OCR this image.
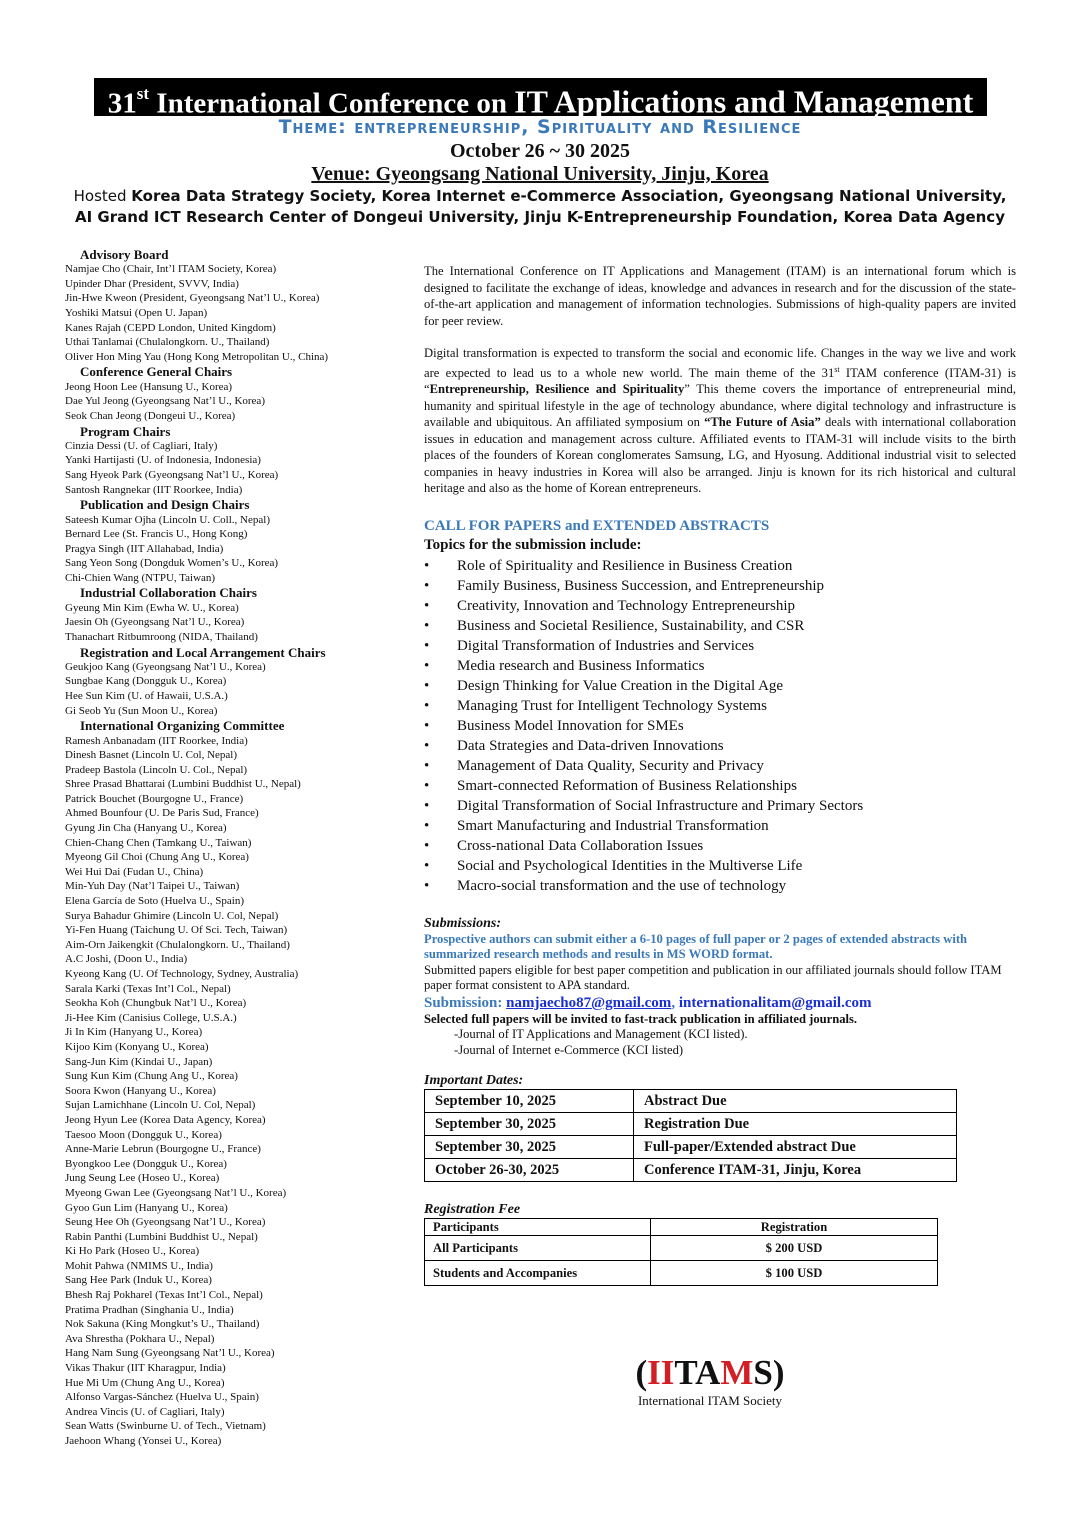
31st International Conference on IT Applications and Management
Theme: entrepreneurship, Spirituality and Resilience
October 26 ~ 30 2025
Venue: Gyeongsang National University, Jinju, Korea
Hosted Korea Data Strategy Society, Korea Internet e-Commerce Association, Gyeongsang National University,
AI Grand ICT Research Center of Dongeui University, Jinju K-Entrepreneurship Foundation, Korea Data Agency
Advisory Board
Namjae Cho (Chair, Int’l ITAM Society, Korea)
Upinder Dhar (President, SVVV, India)
Jin-Hwe Kweon (President, Gyeongsang Nat’l U., Korea)
Yoshiki Matsui (Open U. Japan)
Kanes Rajah (CEPD London, United Kingdom)
Uthai Tanlamai (Chulalongkorn. U., Thailand)
Oliver Hon Ming Yau (Hong Kong Metropolitan U., China)
Conference General Chairs
Jeong Hoon Lee (Hansung U., Korea)
Dae Yul Jeong (Gyeongsang Nat’l U., Korea)
Seok Chan Jeong (Dongeui U., Korea)
Program Chairs
Cinzia Dessi (U. of Cagliari, Italy)
Yanki Hartijasti (U. of Indonesia, Indonesia)
Sang Hyeok Park (Gyeongsang Nat’l U., Korea)
Santosh Rangnekar (IIT Roorkee, India)
Publication and Design Chairs
Sateesh Kumar Ojha (Lincoln U. Coll., Nepal)
Bernard Lee (St. Francis U., Hong Kong)
Pragya Singh (IIT Allahabad, India)
Sang Yeon Song (Dongduk Women’s U., Korea)
Chi-Chien Wang (NTPU, Taiwan)
Industrial Collaboration Chairs
Gyeung Min Kim (Ewha W. U., Korea)
Jaesin Oh (Gyeongsang Nat’l U., Korea)
Thanachart Ritbumroong (NIDA, Thailand)
Registration and Local Arrangement Chairs
Geukjoo Kang (Gyeongsang Nat’l U., Korea)
Sungbae Kang (Dongguk U., Korea)
Hee Sun Kim (U. of Hawaii, U.S.A.)
Gi Seob Yu (Sun Moon U., Korea)
International Organizing Committee
Ramesh Anbanadam (IIT Roorkee, India)
Dinesh Basnet (Lincoln U. Col, Nepal)
Pradeep Bastola (Lincoln U. Col., Nepal)
Shree Prasad Bhattarai (Lumbini Buddhist U., Nepal)
Patrick Bouchet (Bourgogne U., France)
Ahmed Bounfour (U. De Paris Sud, France)
Gyung Jin Cha (Hanyang U., Korea)
Chien-Chang Chen (Tamkang U., Taiwan)
Myeong Gil Choi (Chung Ang U., Korea)
Wei Hui Dai (Fudan U., China)
Min-Yuh Day (Nat’l Taipei U., Taiwan)
Elena García de Soto (Huelva U., Spain)
Surya Bahadur Ghimire (Lincoln U. Col, Nepal)
Yi-Fen Huang (Taichung U. Of Sci. Tech, Taiwan)
Aim-Orn Jaikengkit (Chulalongkorn. U., Thailand)
A.C Joshi, (Doon U., India)
Kyeong Kang (U. Of Technology, Sydney, Australia)
Sarala Karki (Texas Int’l Col., Nepal)
Seokha Koh (Chungbuk Nat’l U., Korea)
Ji-Hee Kim (Canisius College, U.S.A.)
Ji In Kim (Hanyang U., Korea)
Kijoo Kim (Konyang U., Korea)
Sang-Jun Kim (Kindai U., Japan)
Sung Kun Kim (Chung Ang U., Korea)
Soora Kwon (Hanyang U., Korea)
Sujan Lamichhane (Lincoln U. Col, Nepal)
Jeong Hyun Lee (Korea Data Agency, Korea)
Taesoo Moon (Dongguk U., Korea)
Anne-Marie Lebrun (Bourgogne U., France)
Byongkoo Lee (Dongguk U., Korea)
Jung Seung Lee (Hoseo U., Korea)
Myeong Gwan Lee (Gyeongsang Nat’l U., Korea)
Gyoo Gun Lim (Hanyang U., Korea)
Seung Hee Oh (Gyeongsang Nat’l U., Korea)
Rabin Panthi (Lumbini Buddhist U., Nepal)
Ki Ho Park (Hoseo U., Korea)
Mohit Pahwa (NMIMS U., India)
Sang Hee Park (Induk U., Korea)
Bhesh Raj Pokharel (Texas Int’l Col., Nepal)
Pratima Pradhan (Singhania U., India)
Nok Sakuna (King Mongkut’s U., Thailand)
Ava Shrestha (Pokhara U., Nepal)
Hang Nam Sung (Gyeongsang Nat’l U., Korea)
Vikas Thakur (IIT Kharagpur, India)
Hue Mi Um (Chung Ang U., Korea)
Alfonso Vargas-Sánchez (Huelva U., Spain)
Andrea Vincis (U. of Cagliari, Italy)
Sean Watts (Swinburne U. of Tech., Vietnam)
Jaehoon Whang (Yonsei U., Korea)

The International Conference on IT Applications and Management (ITAM) is an international forum which is designed to facilitate the exchange of ideas, knowledge and advances in research and for the discussion of the state-of-the-art application and management of information technologies. Submissions of high-quality papers are invited for peer review.

Digital transformation is expected to transform the social and economic life. Changes in the way we live and work are expected to lead us to a whole new world. The main theme of the 31st ITAM conference (ITAM-31) is “Entrepreneurship, Resilience and Spirituality” This theme covers the importance of entrepreneurial mind, humanity and spiritual lifestyle in the age of technology abundance, where digital technology and infrastructure is available and ubiquitous. An affiliated symposium on “The Future of Asia” deals with international collaboration issues in education and management across culture. Affiliated events to ITAM-31 will include visits to the birth places of the founders of Korean conglomerates Samsung, LG, and Hyosung. Additional industrial visit to selected companies in heavy industries in Korea will also be arranged. Jinju is known for its rich historical and cultural heritage and also as the home of Korean entrepreneurs.

CALL FOR PAPERS and EXTENDED ABSTRACTS
Topics for the submission include:
• Role of Spirituality and Resilience in Business Creation
• Family Business, Business Succession, and Entrepreneurship
• Creativity, Innovation and Technology Entrepreneurship
• Business and Societal Resilience, Sustainability, and CSR
• Digital Transformation of Industries and Services
• Media research and Business Informatics
• Design Thinking for Value Creation in the Digital Age
• Managing Trust for Intelligent Technology Systems
• Business Model Innovation for SMEs
• Data Strategies and Data-driven Innovations
• Management of Data Quality, Security and Privacy
• Smart-connected Reformation of Business Relationships
• Digital Transformation of Social Infrastructure and Primary Sectors
• Smart Manufacturing and Industrial Transformation
• Cross-national Data Collaboration Issues
• Social and Psychological Identities in the Multiverse Life
• Macro-social transformation and the use of technology
Submissions:
Prospective authors can submit either a 6-10 pages of full paper or 2 pages of extended abstracts with summarized research methods and results in MS WORD format.
Submitted papers eligible for best paper competition and publication in our affiliated journals should follow ITAM paper format consistent to APA standard.
Submission: namjaecho87@gmail.com, internationalitam@gmail.com
Selected full papers will be invited to fast-track publication in affiliated journals.
-Journal of IT Applications and Management (KCI listed).
-Journal of Internet e-Commerce (KCI listed)
Important Dates:
September 10, 2025	Abstract Due
September 30, 2025	Registration Due
September 30, 2025	Full-paper/Extended abstract Due
October 26-30, 2025	Conference ITAM-31, Jinju, Korea
Registration Fee
Participants	Registration
All Participants	$ 200 USD
Students and Accompanies	$ 100 USD
(IITAMS)
International ITAM Society
